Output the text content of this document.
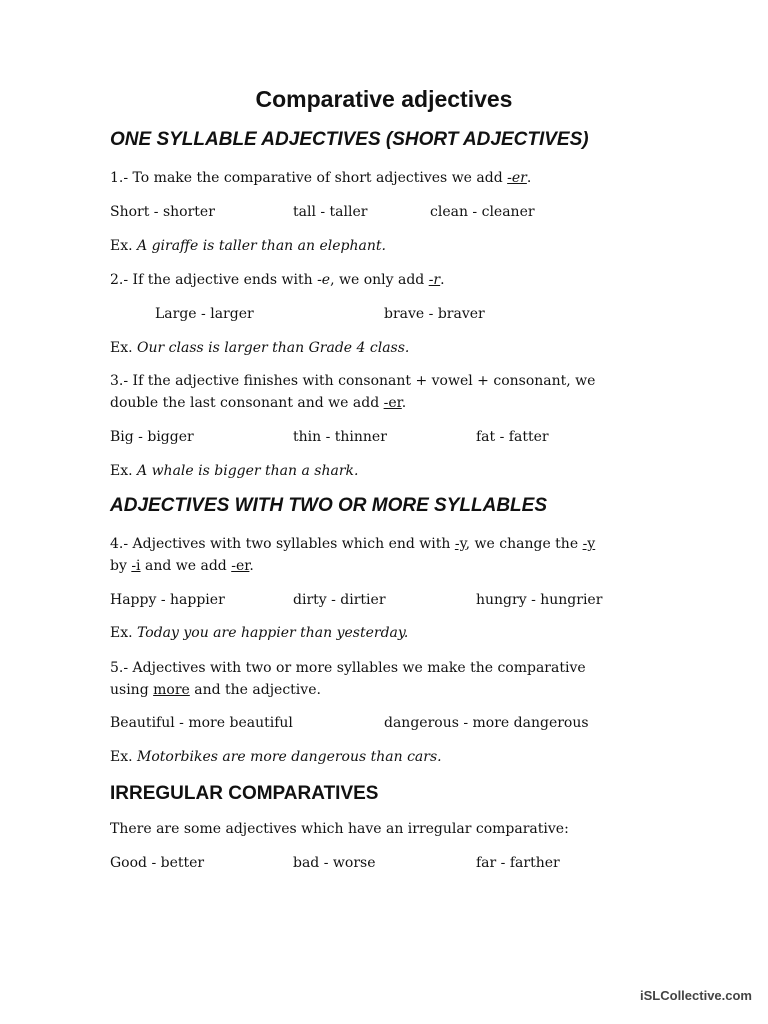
Comparative adjectives
ONE SYLLABLE ADJECTIVES (SHORT ADJECTIVES)

1.- To make the comparative of short adjectives we add -er.

Short - shorter	tall - taller	clean - cleaner

Ex. A giraffe is taller than an elephant.

2.- If the adjective ends with -e, we only add -r.

Large - larger	brave - braver

Ex. Our class is larger than Grade 4 class.

3.- If the adjective finishes with consonant + vowel + consonant, we

double the last consonant and we add -er.

Big - bigger	thin - thinner	fat - fatter

Ex. A whale is bigger than a shark.

ADJECTIVES WITH TWO OR MORE SYLLABLES

4.- Adjectives with two syllables which end with -y, we change the -y

by -i and we add -er.

Happy - happier	dirty - dirtier	hungry - hungrier

Ex. Today you are happier than yesterday.

5.- Adjectives with two or more syllables we make the comparative

using more and the adjective.

Beautiful - more beautiful	dangerous - more dangerous

Ex. Motorbikes are more dangerous than cars.

IRREGULAR COMPARATIVES

There are some adjectives which have an irregular comparative:

Good - better	bad - worse	far - farther

iSLCollective.com
